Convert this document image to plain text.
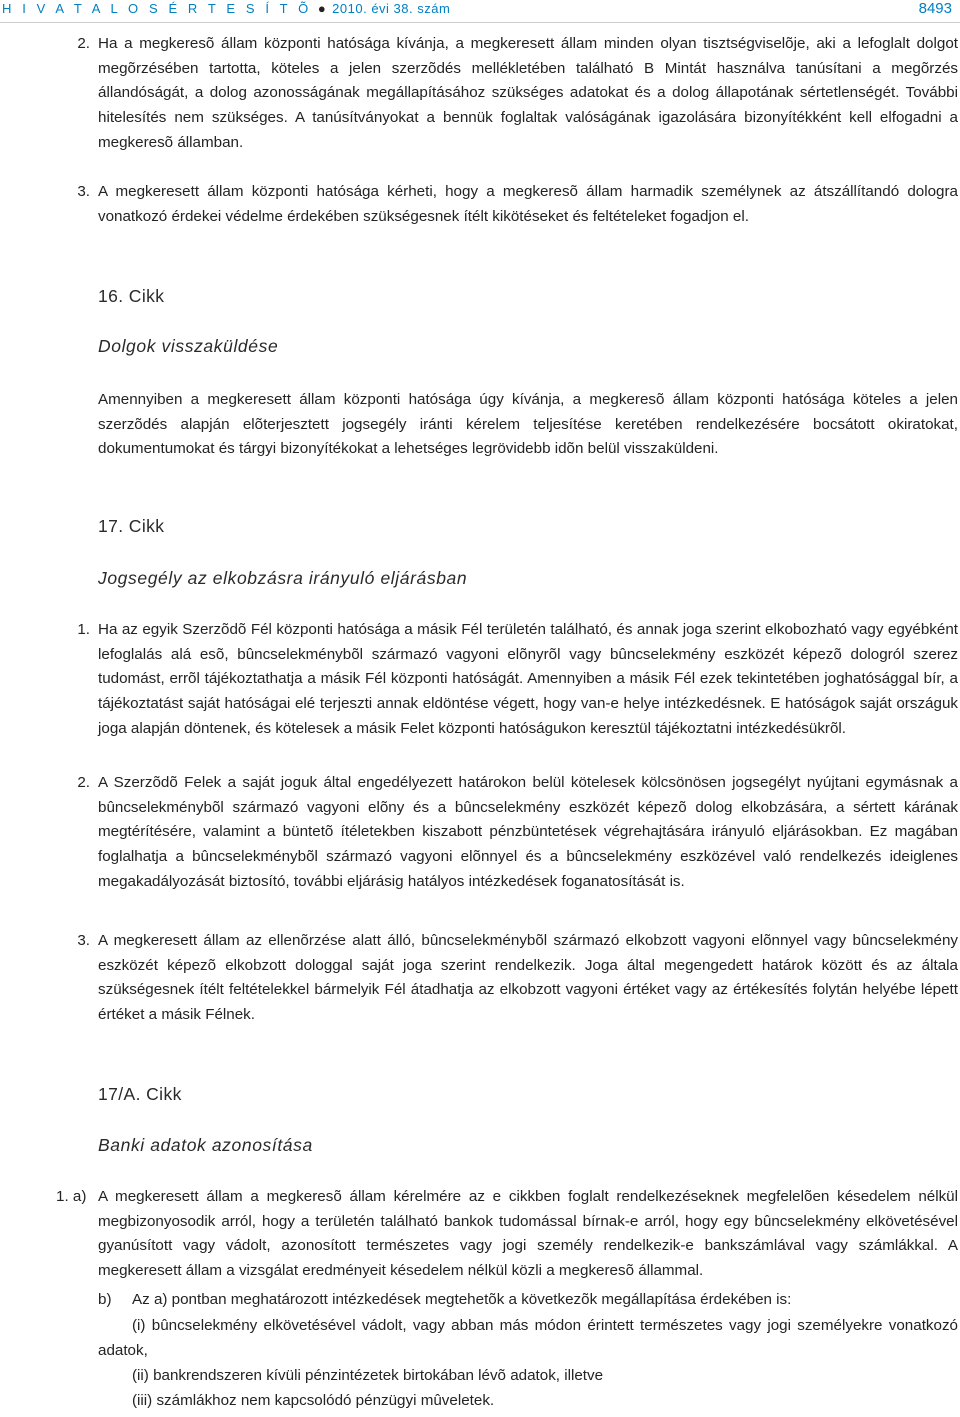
H I V A T A L O S É R T E S Í T Õ ● 2010. évi 38. szám	8493
2. Ha a megkeresõ állam központi hatósága kívánja, a megkeresett állam minden olyan tisztségviselõje, aki a lefoglalt dolgot megõrzésében tartotta, köteles a jelen szerzõdés mellékletében található B Mintát használva tanúsítani a megõrzés állandóságát, a dolog azonosságának megállapításához szükséges adatokat és a dolog állapotának sértetlenségét. További hitelesítés nem szükséges. A tanúsítványokat a bennük foglaltak valóságának igazolására bizonyítékként kell elfogadni a megkeresõ államban.
3. A megkeresett állam központi hatósága kérheti, hogy a megkeresõ állam harmadik személynek az átszállítandó dologra vonatkozó érdekei védelme érdekében szükségesnek ítélt kikötéseket és feltételeket fogadjon el.
16. Cikk
Dolgok visszaküldése
Amennyiben a megkeresett állam központi hatósága úgy kívánja, a megkeresõ állam központi hatósága köteles a jelen szerzõdés alapján elõterjesztett jogsegély iránti kérelem teljesítése keretében rendelkezésére bocsátott okiratokat, dokumentumokat és tárgyi bizonyítékokat a lehetséges legrövidebb idõn belül visszaküldeni.
17. Cikk
Jogsegély az elkobzásra irányuló eljárásban
1. Ha az egyik Szerzõdõ Fél központi hatósága a másik Fél területén található, és annak joga szerint elkobozható vagy egyébként lefoglalás alá esõ, bûncselekménybõl származó vagyoni elõnyrõl vagy bûncselekmény eszközét képezõ dologról szerez tudomást, errõl tájékoztathatja a másik Fél központi hatóságát. Amennyiben a másik Fél ezek tekintetében joghatósággal bír, a tájékoztatást saját hatóságai elé terjeszti annak eldöntése végett, hogy van-e helye intézkedésnek. E hatóságok saját országuk joga alapján döntenek, és kötelesek a másik Felet központi hatóságukon keresztül tájékoztatni intézkedésükrõl.
2. A Szerzõdõ Felek a saját joguk által engedélyezett határokon belül kötelesek kölcsönösen jogsegélyt nyújtani egymásnak a bûncselekménybõl származó vagyoni elõny és a bûncselekmény eszközét képezõ dolog elkobzására, a sértett kárának megtérítésére, valamint a büntetõ ítéletekben kiszabott pénzbüntetések végrehajtására irányuló eljárásokban. Ez magában foglalhatja a bûncselekménybõl származó vagyoni elõnnyel és a bûncselekmény eszközével való rendelkezés ideiglenes megakadályozását biztosító, további eljárásig hatályos intézkedések foganatosítását is.
3. A megkeresett állam az ellenõrzése alatt álló, bûncselekménybõl származó elkobzott vagyoni elõnnyel vagy bûncselekmény eszközét képezõ elkobzott dologgal saját joga szerint rendelkezik. Joga által megengedett határok között és az általa szükségesnek ítélt feltételekkel bármelyik Fél átadhatja az elkobzott vagyoni értéket vagy az értékesítés folytán helyébe lépett értéket a másik Félnek.
17/A. Cikk
Banki adatok azonosítása
1. a) A megkeresett állam a megkeresõ állam kérelmére az e cikkben foglalt rendelkezéseknek megfelelõen késedelem nélkül megbizonyosodik arról, hogy a területén található bankok tudomással bírnak-e arról, hogy egy bûncselekmény elkövetésével gyanúsított vagy vádolt, azonosított természetes vagy jogi személy rendelkezik-e bankszámlával vagy számlákkal. A megkeresett állam a vizsgálat eredményeit késedelem nélkül közli a megkeresõ állammal.
b) Az a) pontban meghatározott intézkedések megtehetõk a következõk megállapítása érdekében is:
(i) bûncselekmény elkövetésével vádolt, vagy abban más módon érintett természetes vagy jogi személyekre vonatkozó adatok,
(ii) bankrendszeren kívüli pénzintézetek birtokában lévõ adatok, illetve
(iii) számlákhoz nem kapcsolódó pénzügyi mûveletek.
